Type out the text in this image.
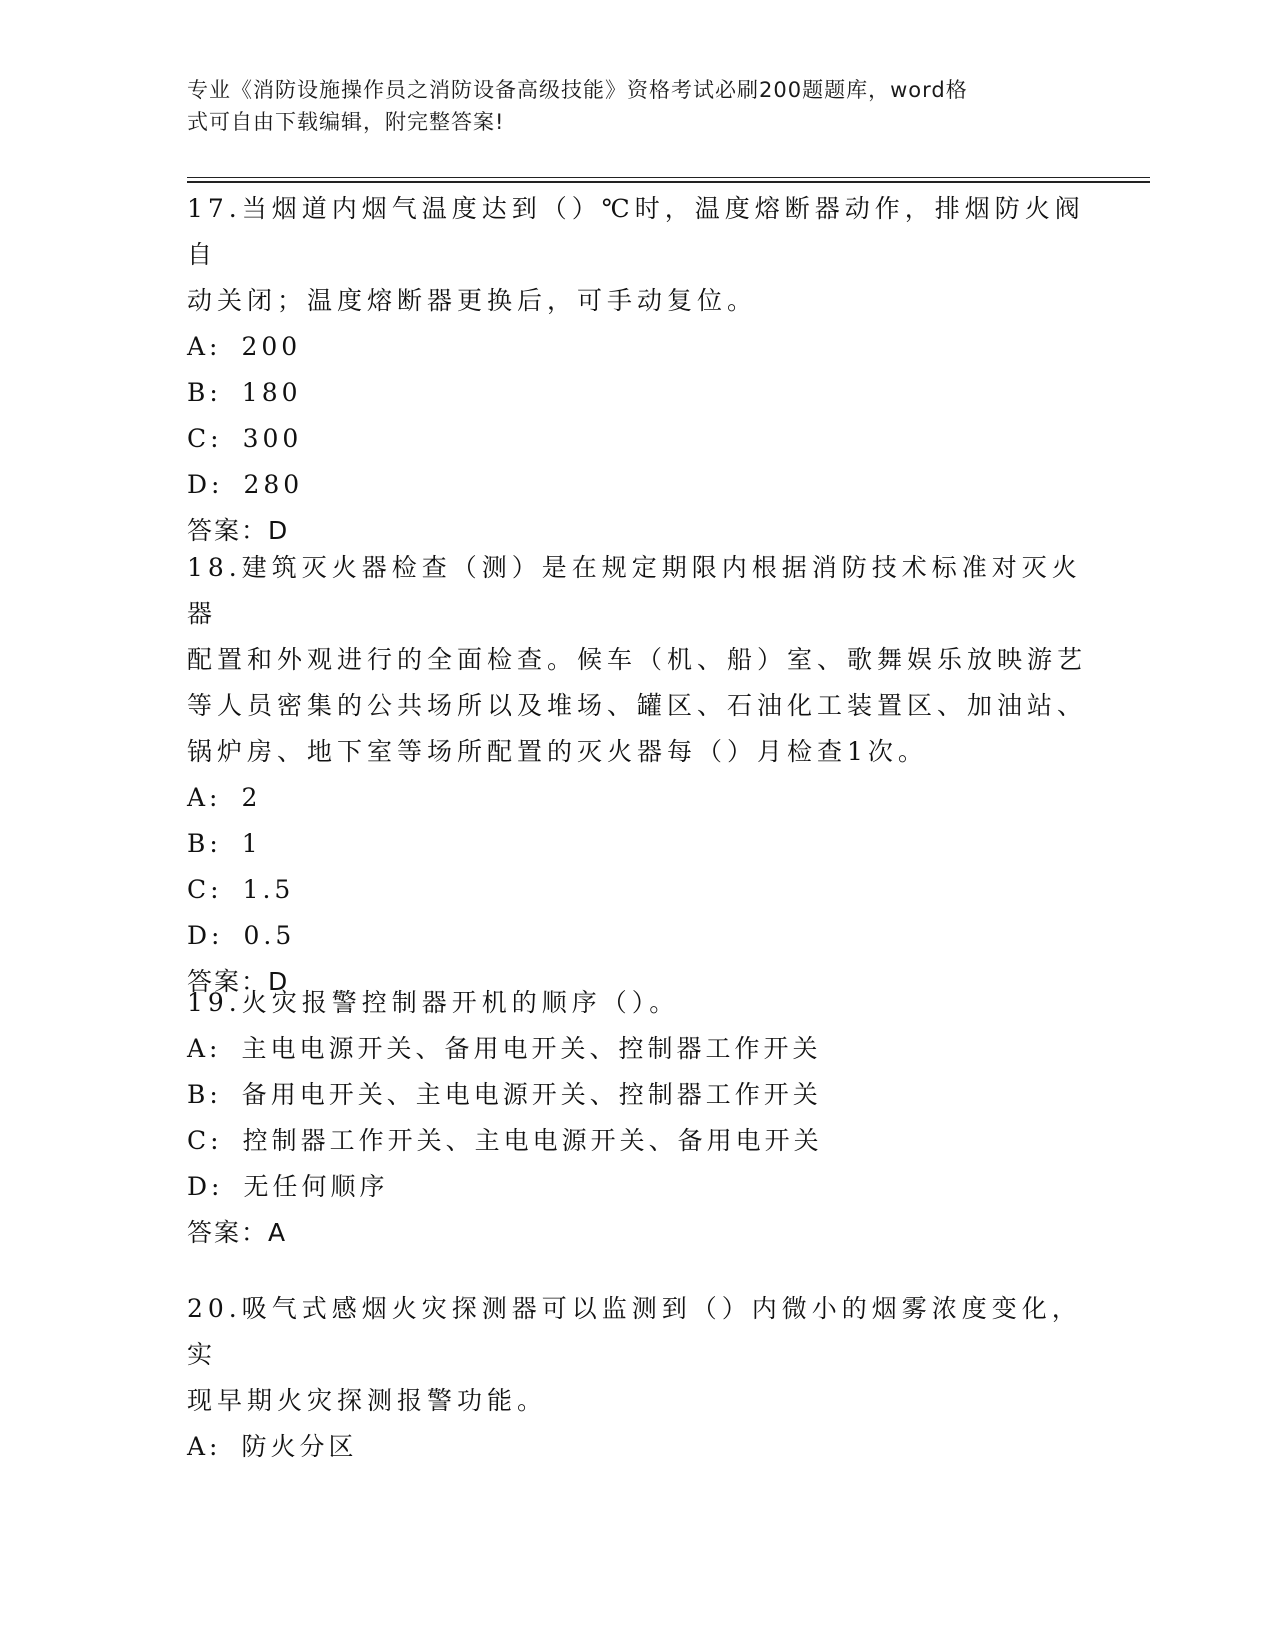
专业《消防设施操作员之消防设备高级技能》资格考试必刷200题题库，word格
式可自由下载编辑，附完整答案!
17.当烟道内烟气温度达到（）℃时，温度熔断器动作，排烟防火阀自
动关闭；温度熔断器更换后，可手动复位。
A: 200
B: 180
C: 300
D: 280
答案：D
18.建筑灭火器检查（测）是在规定期限内根据消防技术标准对灭火器
配置和外观进行的全面检查。候车（机、船）室、歌舞娱乐放映游艺
等人员密集的公共场所以及堆场、罐区、石油化工装置区、加油站、
锅炉房、地下室等场所配置的灭火器每（）月检查1次。
A: 2
B: 1
C: 1.5
D: 0.5
答案：D
19.火灾报警控制器开机的顺序（）。
A: 主电电源开关、备用电开关、控制器工作开关
B: 备用电开关、主电电源开关、控制器工作开关
C: 控制器工作开关、主电电源开关、备用电开关
D: 无任何顺序
答案：A
20.吸气式感烟火灾探测器可以监测到（）内微小的烟雾浓度变化，实
现早期火灾探测报警功能。
A: 防火分区
